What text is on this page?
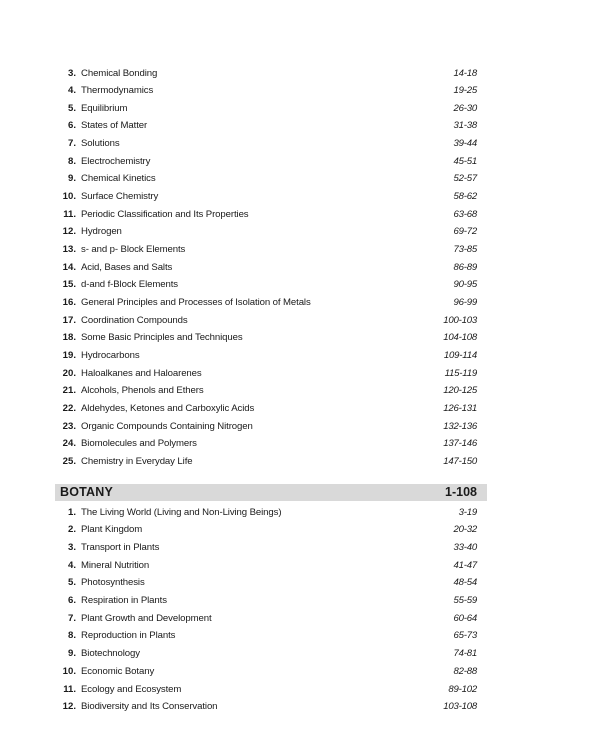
3. Chemical Bonding	14-18
4. Thermodynamics	19-25
5. Equilibrium	26-30
6. States of Matter	31-38
7. Solutions	39-44
8. Electrochemistry	45-51
9. Chemical Kinetics	52-57
10. Surface Chemistry	58-62
11. Periodic Classification and Its Properties	63-68
12. Hydrogen	69-72
13. s- and p- Block Elements	73-85
14. Acid, Bases and Salts	86-89
15. d-and f-Block Elements	90-95
16. General Principles and Processes of Isolation of Metals	96-99
17. Coordination Compounds	100-103
18. Some Basic Principles and Techniques	104-108
19. Hydrocarbons	109-114
20. Haloalkanes and Haloarenes	115-119
21. Alcohols, Phenols and Ethers	120-125
22. Aldehydes, Ketones and Carboxylic Acids	126-131
23. Organic Compounds Containing Nitrogen	132-136
24. Biomolecules and Polymers	137-146
25. Chemistry in Everyday Life	147-150
BOTANY	1-108
1. The Living World (Living and Non-Living Beings)	3-19
2. Plant Kingdom	20-32
3. Transport in Plants	33-40
4. Mineral Nutrition	41-47
5. Photosynthesis	48-54
6. Respiration in Plants	55-59
7. Plant Growth and Development	60-64
8. Reproduction in Plants	65-73
9. Biotechnology	74-81
10. Economic Botany	82-88
11. Ecology and Ecosystem	89-102
12. Biodiversity and Its Conservation	103-108
